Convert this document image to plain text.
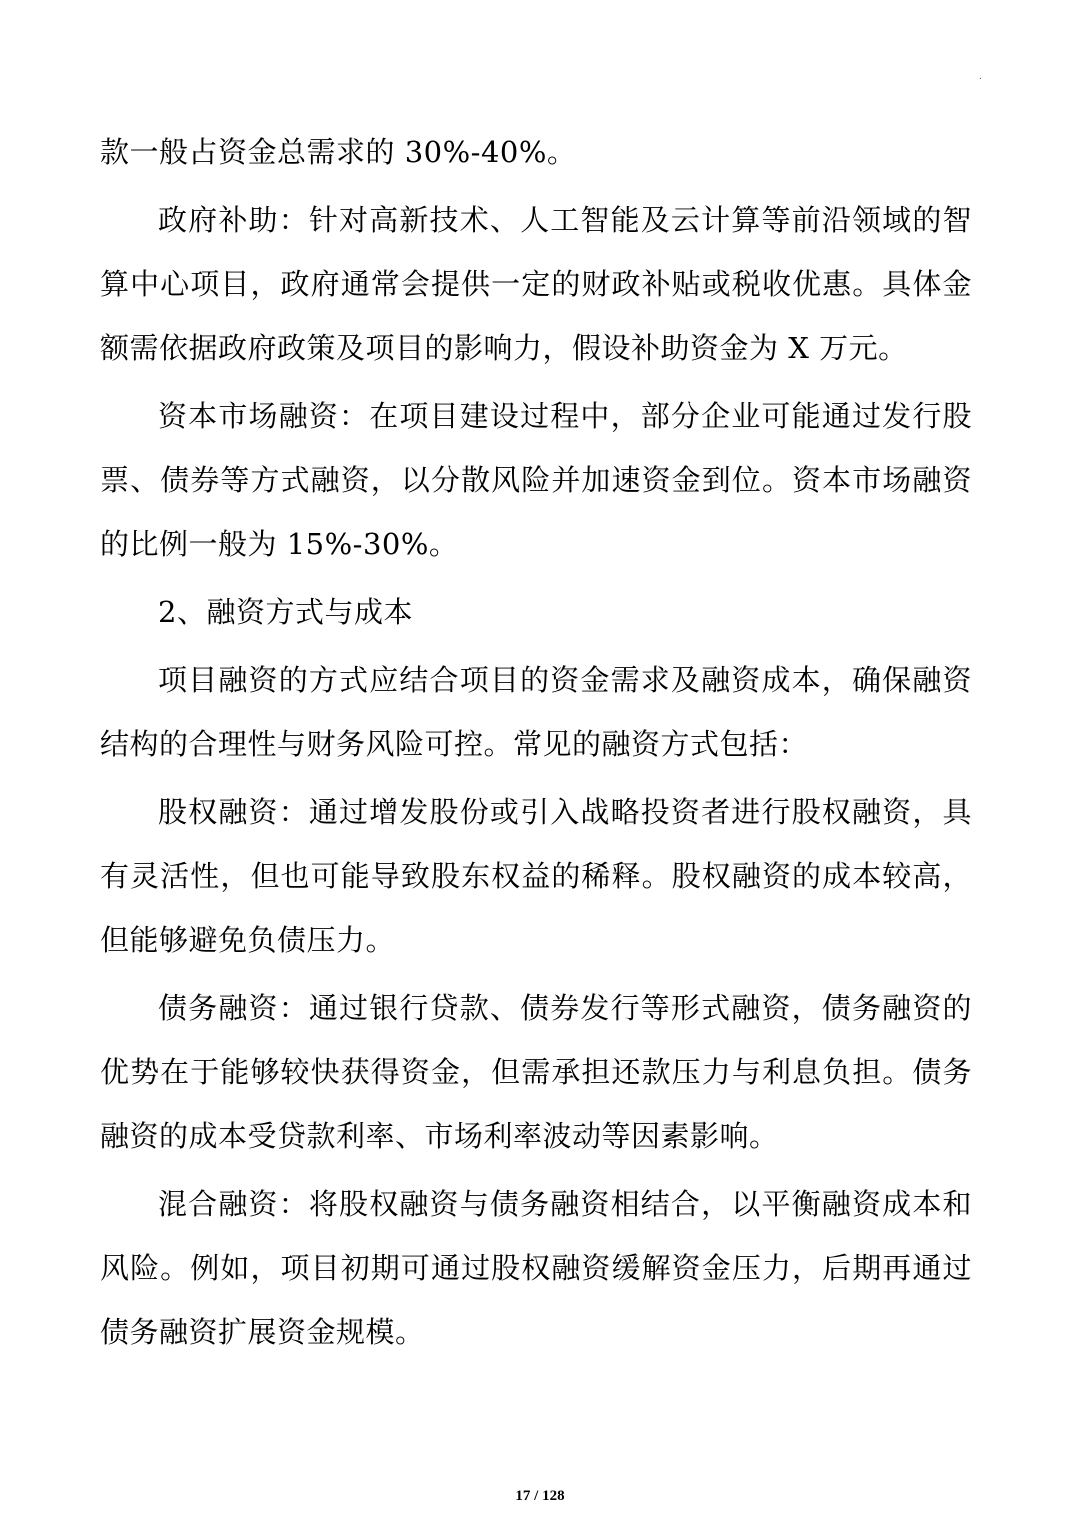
.

款一般占资金总需求的 30%-40%。

政府补助：针对高新技术、人工智能及云计算等前沿领域的智算中心项目，政府通常会提供一定的财政补贴或税收优惠。具体金额需依据政府政策及项目的影响力，假设补助资金为 X 万元。

资本市场融资：在项目建设过程中，部分企业可能通过发行股票、债券等方式融资，以分散风险并加速资金到位。资本市场融资的比例一般为 15%-30%。

2、融资方式与成本

项目融资的方式应结合项目的资金需求及融资成本，确保融资结构的合理性与财务风险可控。常见的融资方式包括：

股权融资：通过增发股份或引入战略投资者进行股权融资，具有灵活性，但也可能导致股东权益的稀释。股权融资的成本较高，但能够避免负债压力。

债务融资：通过银行贷款、债券发行等形式融资，债务融资的优势在于能够较快获得资金，但需承担还款压力与利息负担。债务融资的成本受贷款利率、市场利率波动等因素影响。

混合融资：将股权融资与债务融资相结合，以平衡融资成本和风险。例如，项目初期可通过股权融资缓解资金压力，后期再通过债务融资扩展资金规模。

17 / 128
